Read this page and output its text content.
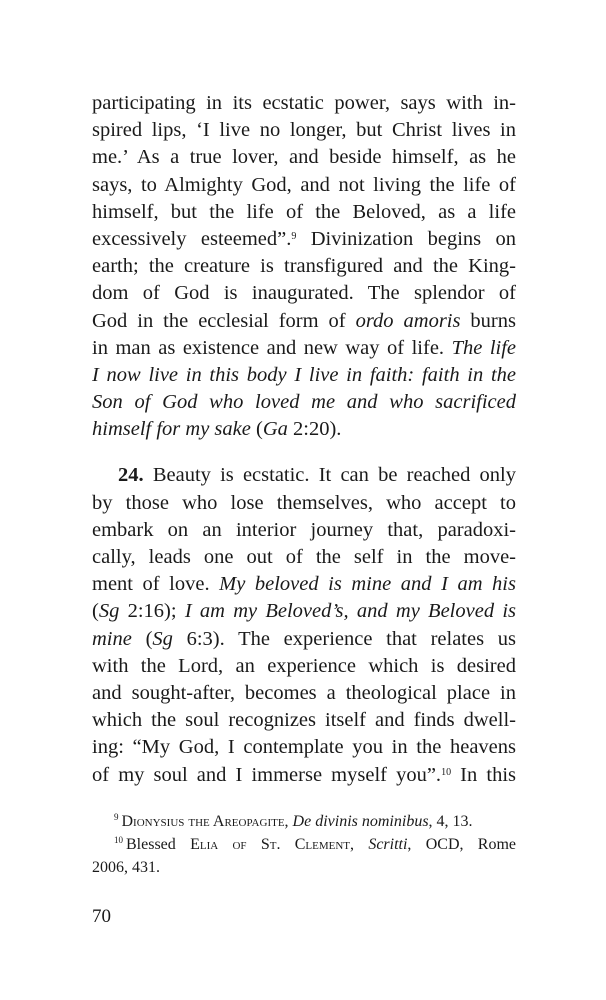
participating in its ecstatic power, says with in-
spired lips, ‘I live no longer, but Christ lives in
me.’ As a true lover, and beside himself, as he
says, to Almighty God, and not living the life of
himself, but the life of the Beloved, as a life
excessively esteemed”.$^9$ Divinization begins on
earth; the creature is transfigured and the King-
dom of God is inaugurated. The splendor of
God in the ecclesial form of ordo amoris burns
in man as existence and new way of life. The life
I now live in this body I live in faith: faith in the
Son of God who loved me and who sacrificed
himself for my sake (Ga 2:20).
24. Beauty is ecstatic. It can be reached only
by those who lose themselves, who accept to
embark on an interior journey that, paradoxi-
cally, leads one out of the self in the move-
ment of love. My beloved is mine and I am his
(Sg 2:16); I am my Beloved’s, and my Beloved is
mine (Sg 6:3). The experience that relates us
with the Lord, an experience which is desired
and sought-after, becomes a theological place in
which the soul recognizes itself and finds dwell-
ing: “My God, I contemplate you in the heavens
of my soul and I immerse myself you”.$^{10}$ In this
$^9$ Dionysius the Areopagite, De divinis nominibus, 4, 13.
$^{10}$ Blessed Elia of St. Clement, Scritti, OCD, Rome
2006, 431.
70
